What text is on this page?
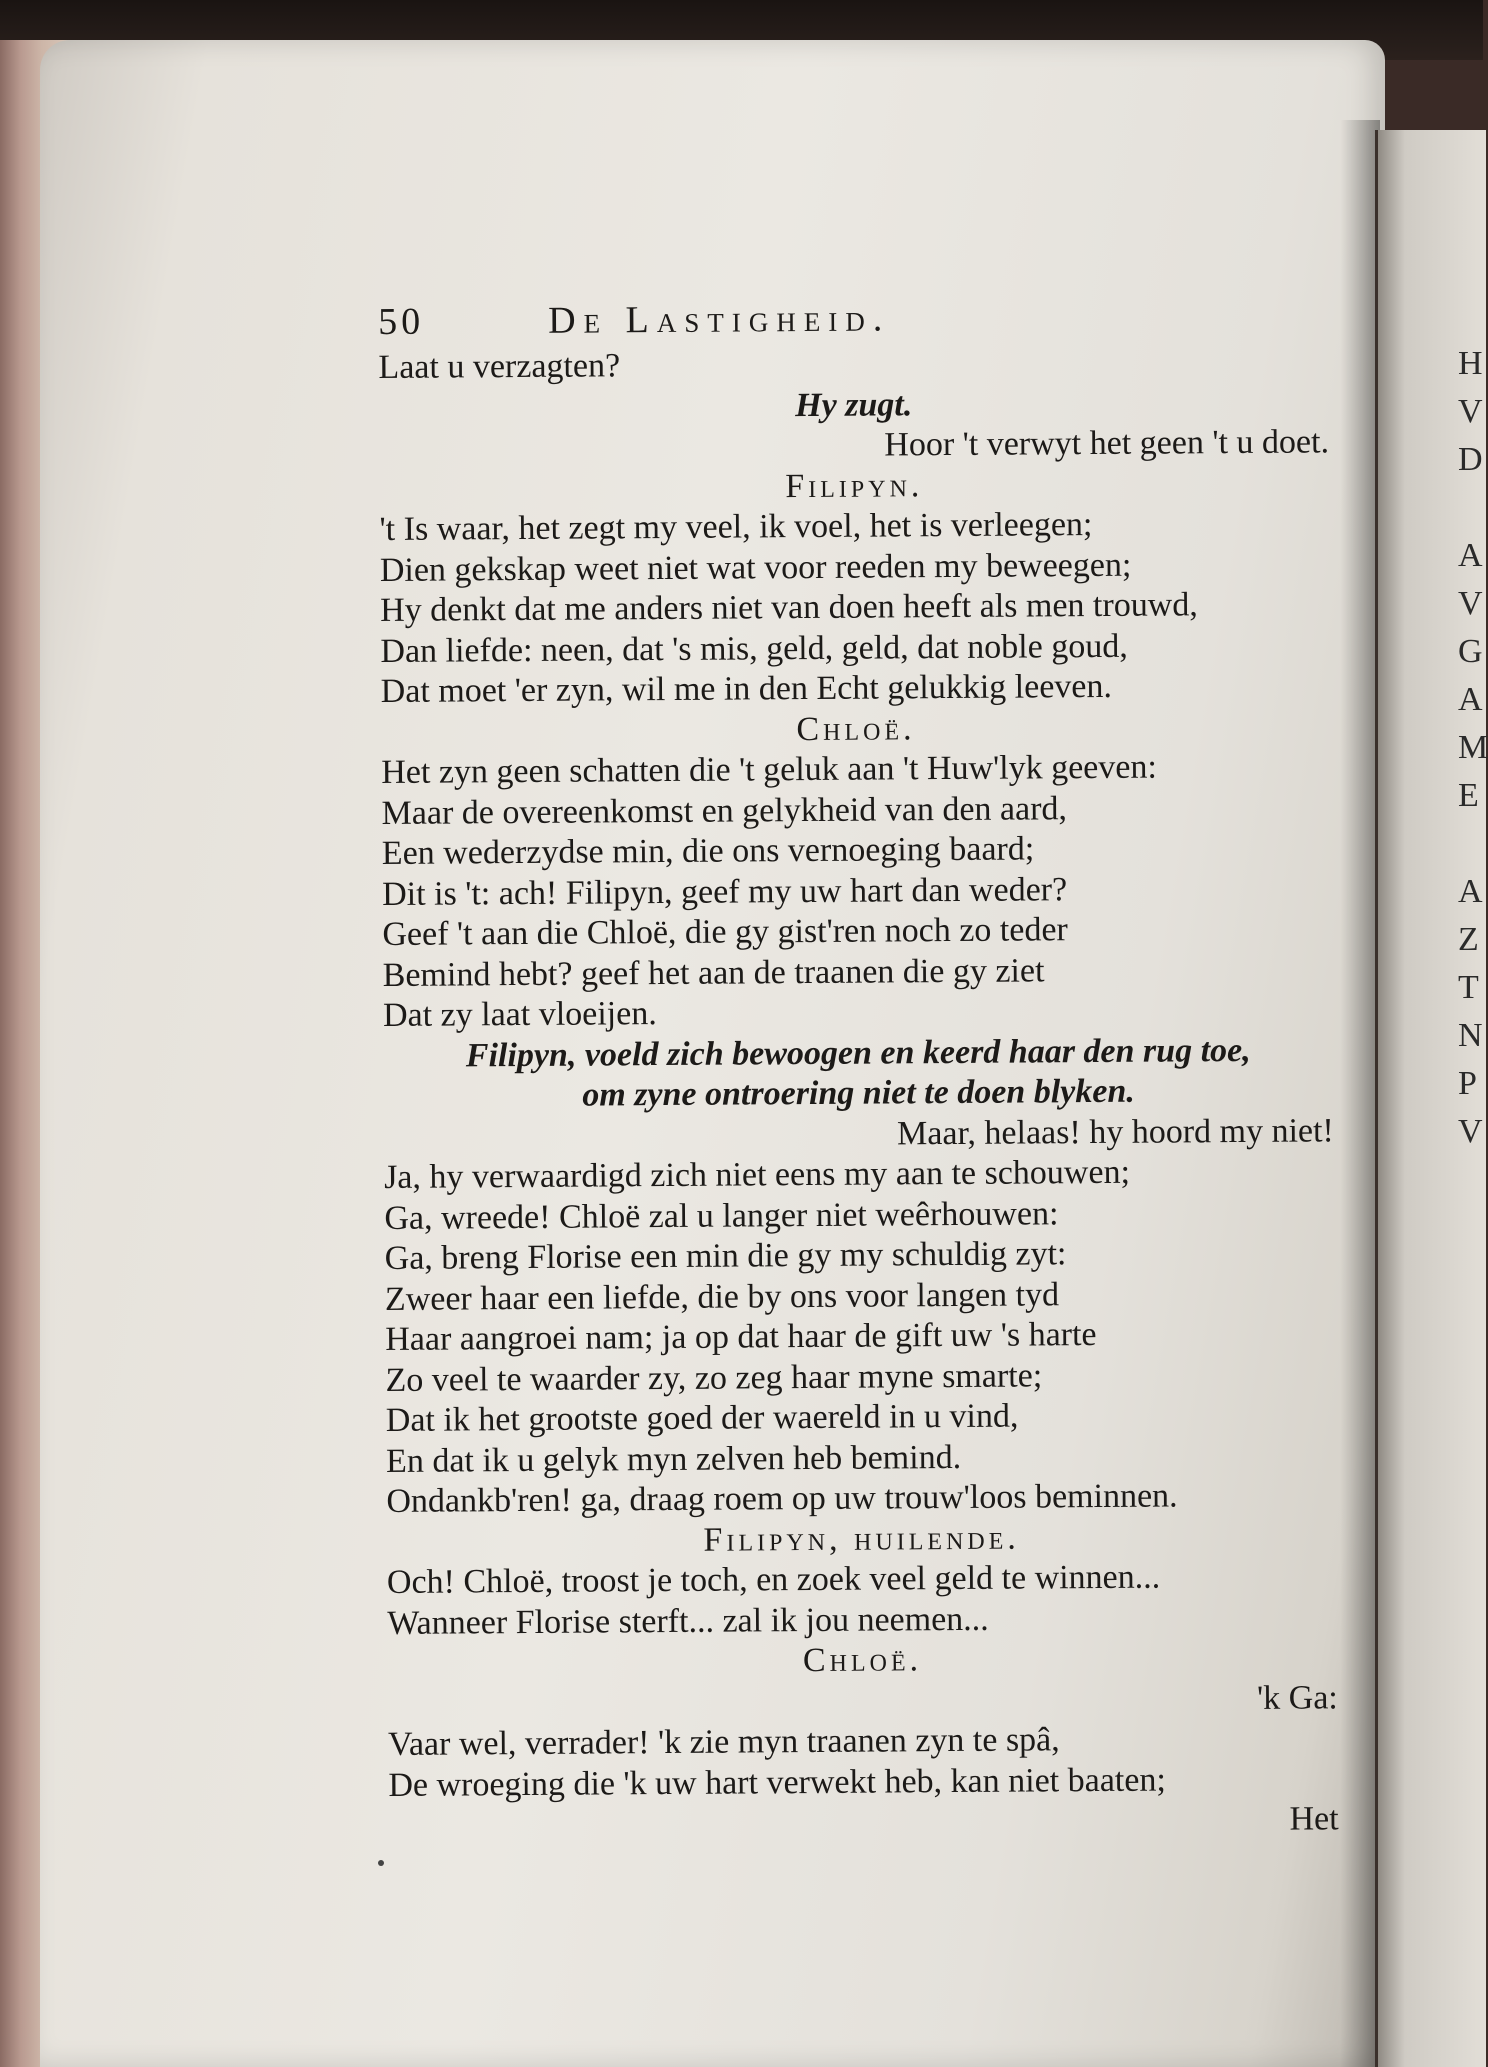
H
V
D

A
V
G
A
M
E

A
Z
T
N
P
V
50	De Lastigheid.
Laat u verzagten?
Hy zugt.
Hoor 't verwyt het geen 't u doet.
Filipyn.
't Is waar, het zegt my veel, ik voel, het is verleegen;
Dien gekskap weet niet wat voor reeden my beweegen;
Hy denkt dat me anders niet van doen heeft als men trouwd,
Dan liefde: neen, dat 's mis, geld, geld, dat noble goud,
Dat moet 'er zyn, wil me in den Echt gelukkig leeven.
Chloë.
Het zyn geen schatten die 't geluk aan 't Huw'lyk geeven:
Maar de overeenkomst en gelykheid van den aard,
Een wederzydse min, die ons vernoeging baard;
Dit is 't: ach! Filipyn, geef my uw hart dan weder?
Geef 't aan die Chloë, die gy gist'ren noch zo teder
Bemind hebt? geef het aan de traanen die gy ziet
Dat zy laat vloeijen.
Filipyn, voeld zich bewoogen en keerd haar den rug toe,
om zyne ontroering niet te doen blyken.
Maar, helaas! hy hoord my niet!
Ja, hy verwaardigd zich niet eens my aan te schouwen;
Ga, wreede! Chloë zal u langer niet weêrhouwen:
Ga, breng Florise een min die gy my schuldig zyt:
Zweer haar een liefde, die by ons voor langen tyd
Haar aangroei nam; ja op dat haar de gift uw 's harte
Zo veel te waarder zy, zo zeg haar myne smarte;
Dat ik het grootste goed der waereld in u vind,
En dat ik u gelyk myn zelven heb bemind.
Ondankb'ren! ga, draag roem op uw trouw'loos beminnen.
Filipyn, huilende.
Och! Chloë, troost je toch, en zoek veel geld te winnen...
Wanneer Florise sterft... zal ik jou neemen...
Chloë.
'k Ga:
Vaar wel, verrader! 'k zie myn traanen zyn te spâ,
De wroeging die 'k uw hart verwekt heb, kan niet baaten;
Het
